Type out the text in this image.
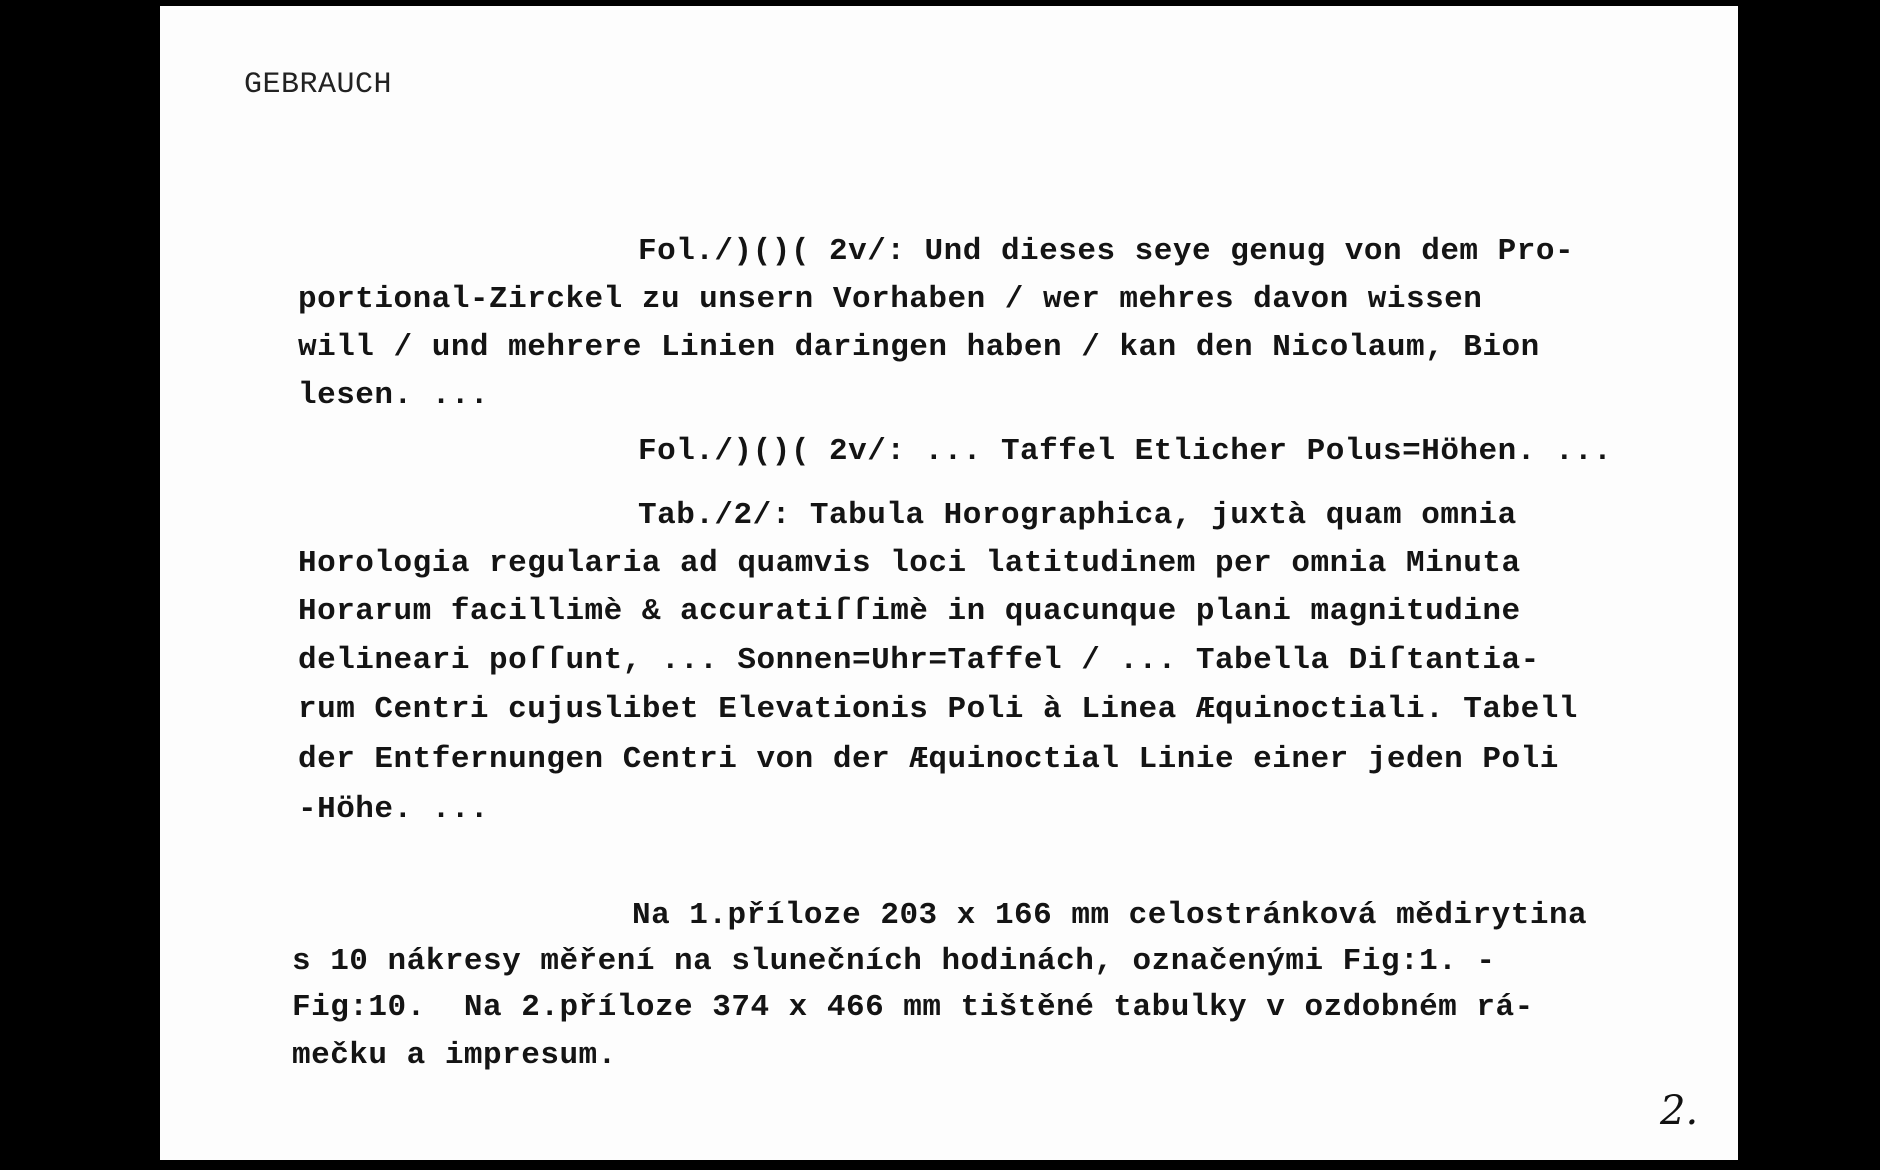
GEBRAUCH
Fol./)()( 2v/: Und dieses seye genug von dem Pro-
portional-Zirckel zu unsern Vorhaben / wer mehres davon wissen
will / und mehrere Linien daringen haben / kan den Nicolaum, Bion
lesen. ...
Fol./)()( 2v/: ... Taffel Etlicher Polus=Höhen. ...
Tab./2/: Tabula Horographica, juxtà quam omnia
Horologia regularia ad quamvis loci latitudinem per omnia Minuta
Horarum facillimè & accuratiſſimè in quacunque plani magnitudine
delineari poſſunt, ... Sonnen=Uhr=Taffel / ... Tabella Diſtantia-
rum Centri cujuslibet Elevationis Poli à Linea Æquinoctiali. Tabell
der Entfernungen Centri von der Æquinoctial Linie einer jeden Poli
-Höhe. ...
Na 1.příloze 203 x 166 mm celostránková mědirytina
s 10 nákresy měření na slunečních hodinách, označenými Fig:1. -
Fig:10.  Na 2.příloze 374 x 466 mm tištěné tabulky v ozdobném rá-
mečku a impresum.
2.
